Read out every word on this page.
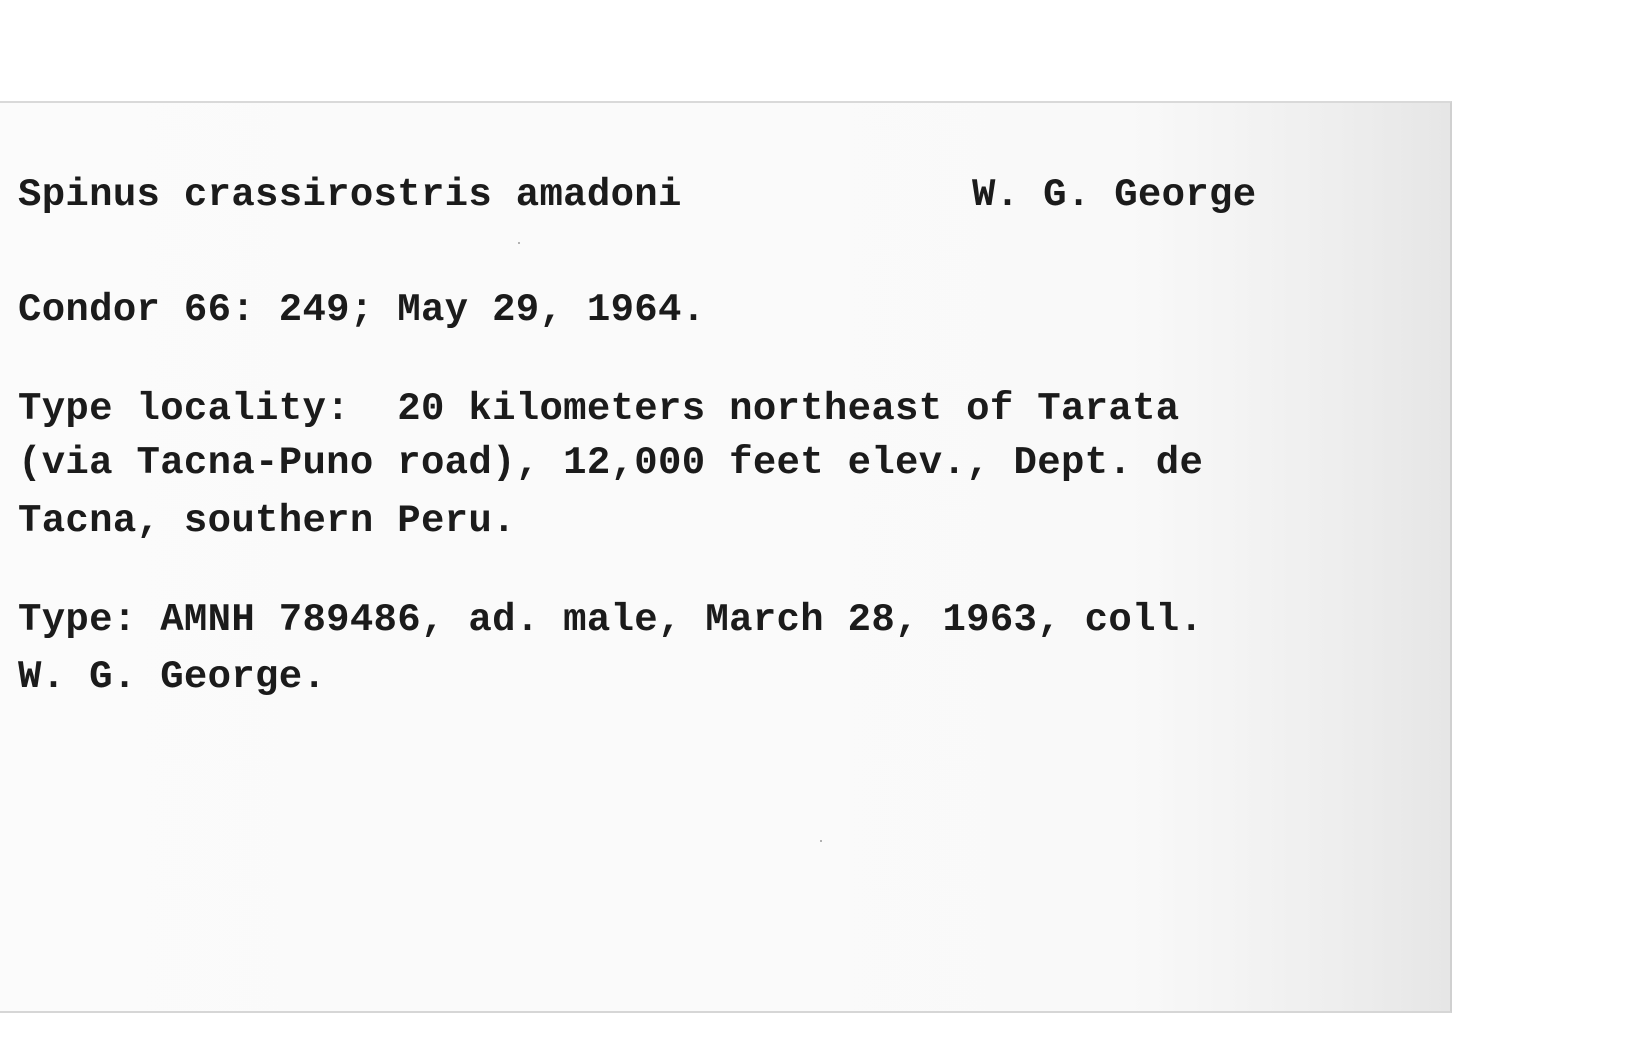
Spinus crassirostris amadoni	W. G. George
Condor 66: 249; May 29, 1964.
Type locality:  20 kilometers northeast of Tarata
(via Tacna-Puno road), 12,000 feet elev., Dept. de
Tacna, southern Peru.
Type: AMNH 789486, ad. male, March 28, 1963, coll.
W. G. George.
